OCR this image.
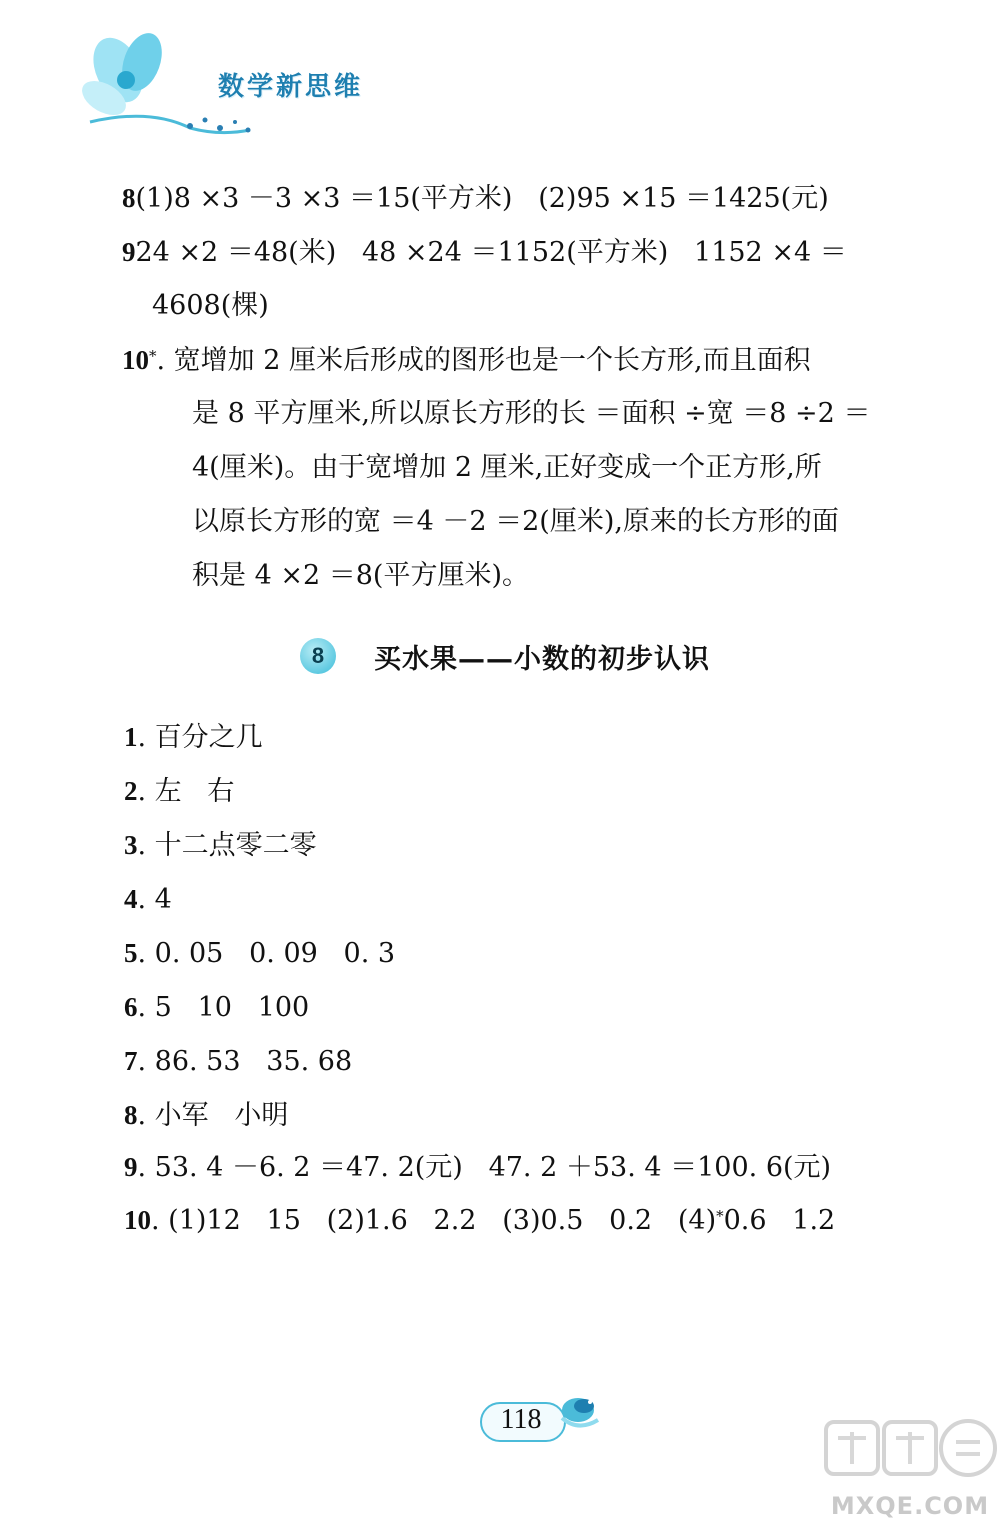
数学新思维
8(1)8 ×3 －3 ×3 ＝15(平方米)   (2)95 ×15 ＝1425(元)
924 ×2 ＝48(米)   48 ×24 ＝1152(平方米)   1152 ×4 ＝
4608(棵)
10*. 宽增加 2 厘米后形成的图形也是一个长方形,而且面积
是 8 平方厘米,所以原长方形的长 ＝面积 ÷宽 ＝8 ÷2 ＝
4(厘米)。由于宽增加 2 厘米,正好变成一个正方形,所
以原长方形的宽 ＝4 －2 ＝2(厘米),原来的长方形的面
积是 4 ×2 ＝8(平方厘米)。
8	买水果——小数的初步认识
1. 百分之几
2. 左   右
3. 十二点零二零
4. 4
5. 0. 05   0. 09   0. 3
6. 5   10   100
7. 86. 53   35. 68
8. 小军   小明
9. 53. 4 －6. 2 ＝47. 2(元)   47. 2 ＋53. 4 ＝100. 6(元)
10. (1)12   15   (2)1.6   2.2   (3)0.5   0.2   (4)*0.6   1.2
118
MXQE.COM
